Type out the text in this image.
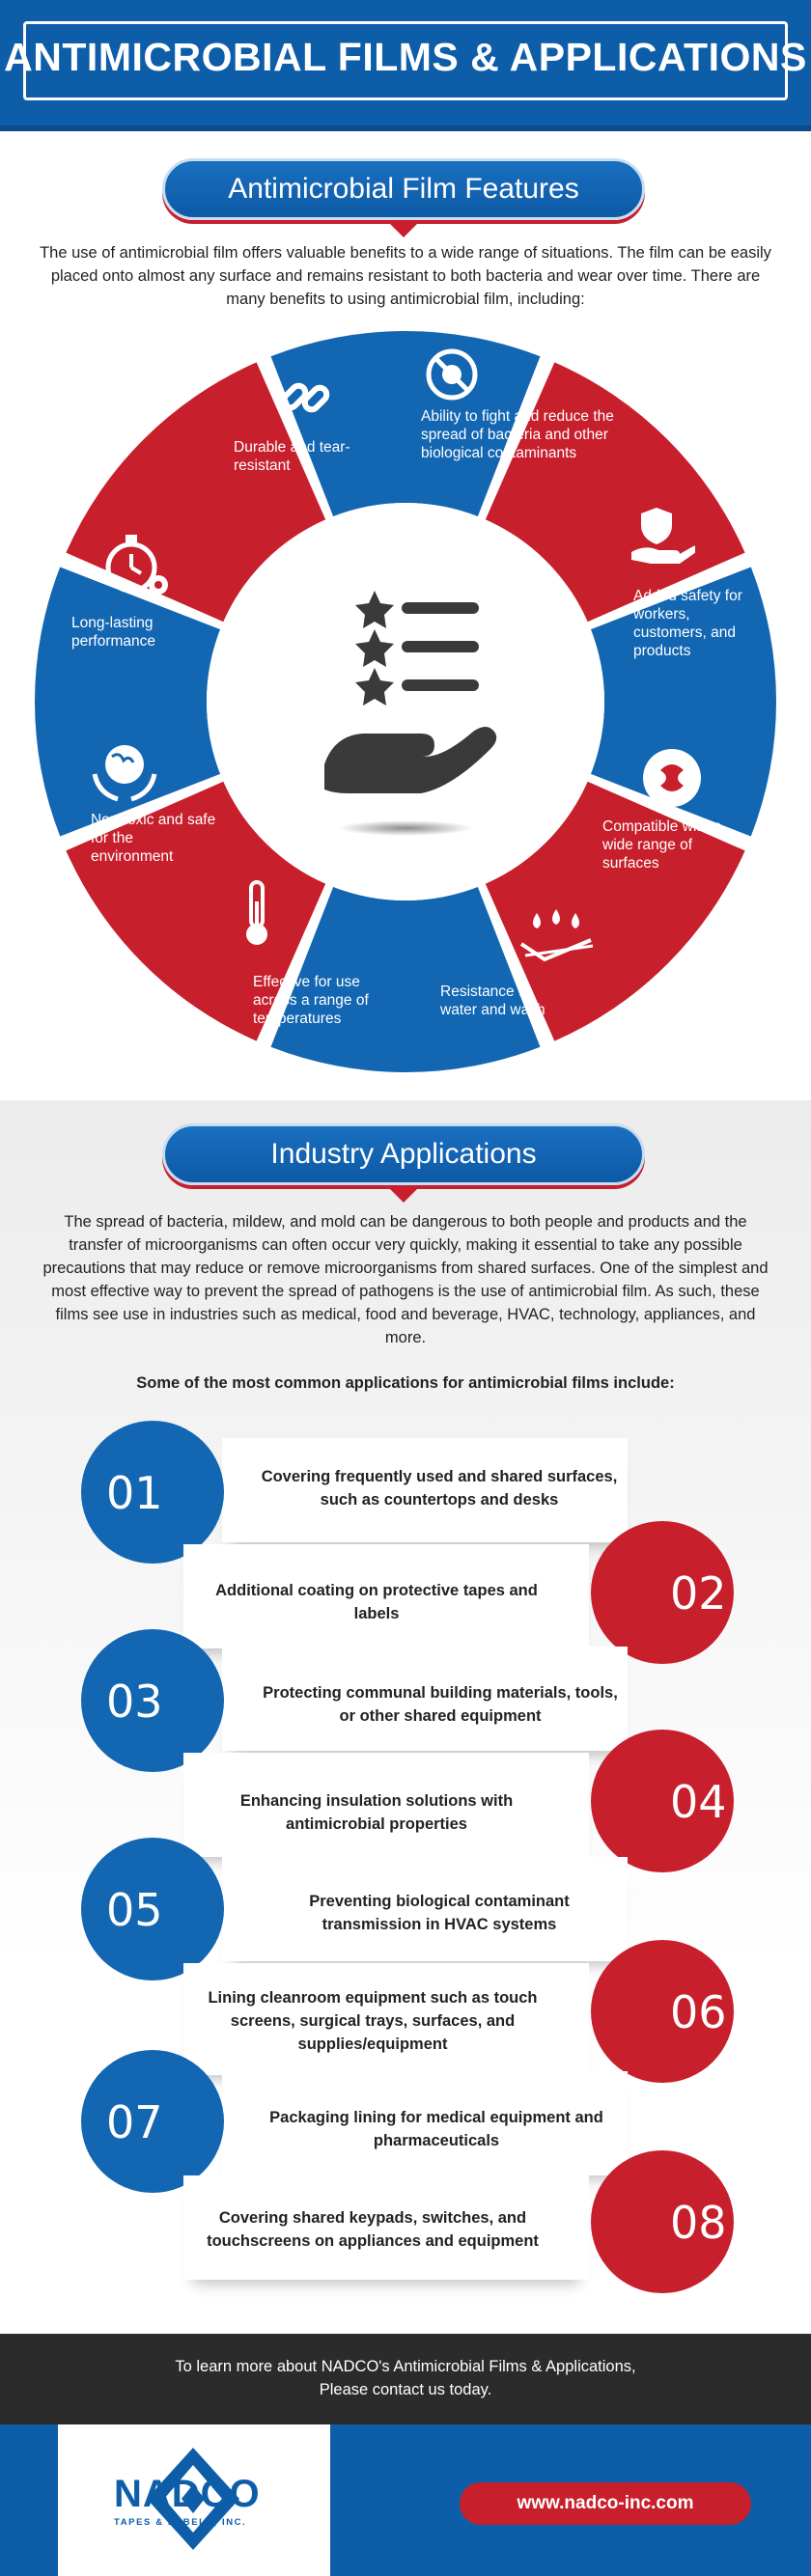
ANTIMICROBIAL FILMS & APPLICATIONS
Antimicrobial Film Features
The use of antimicrobial film offers valuable benefits to a wide range of situations. The film can be easily placed onto almost any surface and remains resistant to both bacteria and wear over time. There are many benefits to using antimicrobial film, including:
Durable and tear-resistant
Ability to fight and reduce the spread of bacteria and other biological contaminants
Added safety for workers, customers, and products
Compatible with a wide range of surfaces
Resistance to water and wash
Effective for use across a range of temperatures
Non-toxic and safe for the environment
Long-lasting performance
Industry Applications
The spread of bacteria, mildew, and mold can be dangerous to both people and products and the transfer of microorganisms can often occur very quickly, making it essential to take any possible precautions that may reduce or remove microorganisms from shared surfaces. One of the simplest and most effective way to prevent the spread of pathogens is the use of antimicrobial film. As such, these films see use in industries such as medical, food and beverage, HVAC, technology, appliances, and more.
Some of the most common applications for antimicrobial films include:
01	Covering frequently used and shared surfaces, such as countertops and desks
02
Additional coating on protective tapes and labels
03	Protecting communal building materials, tools, or other shared equipment
04
Enhancing insulation solutions with antimicrobial properties
05	Preventing biological contaminant transmission in HVAC systems
06
Lining cleanroom equipment such as touch screens, surgical trays, surfaces, and supplies/equipment
07	Packaging lining for medical equipment and pharmaceuticals
08
Covering shared keypads, switches, and touchscreens on appliances and equipment
To learn more about NADCO's Antimicrobial Films & Applications,
Please contact us today.
NADCO
TAPES & LABELS, INC.
www.nadco-inc.com
